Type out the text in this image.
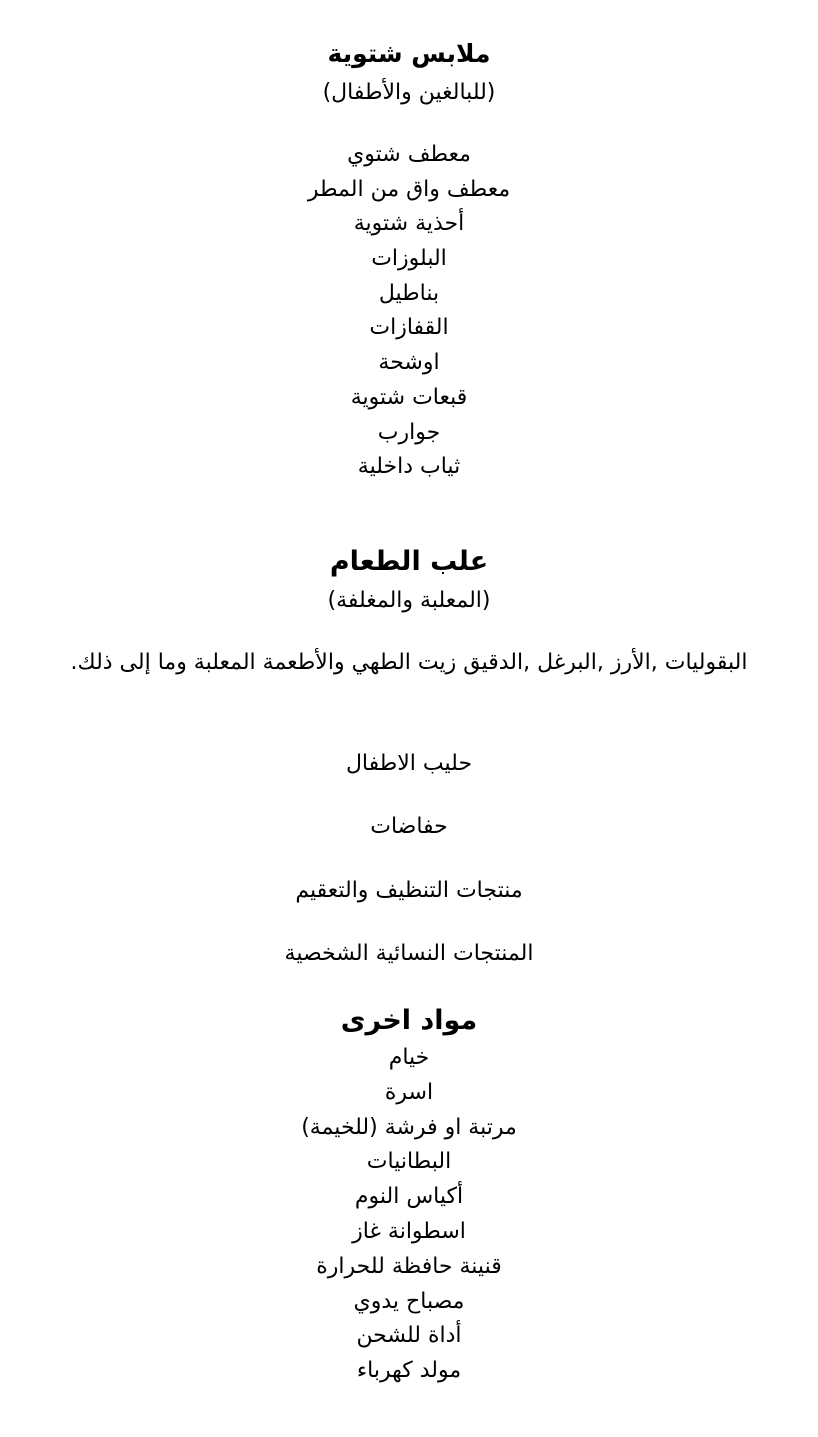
ملابس شتوية
(للبالغين والأطفال)
معطف شتوي
معطف واق من المطر
أحذية شتوية
البلوزات
بناطيل
القفازات
اوشحة
قبعات شتوية
جوارب
ثياب داخلية
علب الطعام
(المعلبة والمغلفة)
البقوليات ,الأرز ,البرغل ,الدقيق زيت الطهي والأطعمة المعلبة وما إلى ذلك.
حليب الاطفال
حفاضات
منتجات التنظيف والتعقيم
المنتجات النسائية الشخصية
مواد اخرى
خيام
اسرة
مرتبة او فرشة (للخيمة)
البطانيات
أكياس النوم
اسطوانة غاز
قنينة حافظة للحرارة
مصباح يدوي
أداة للشحن
مولد كهرباء
